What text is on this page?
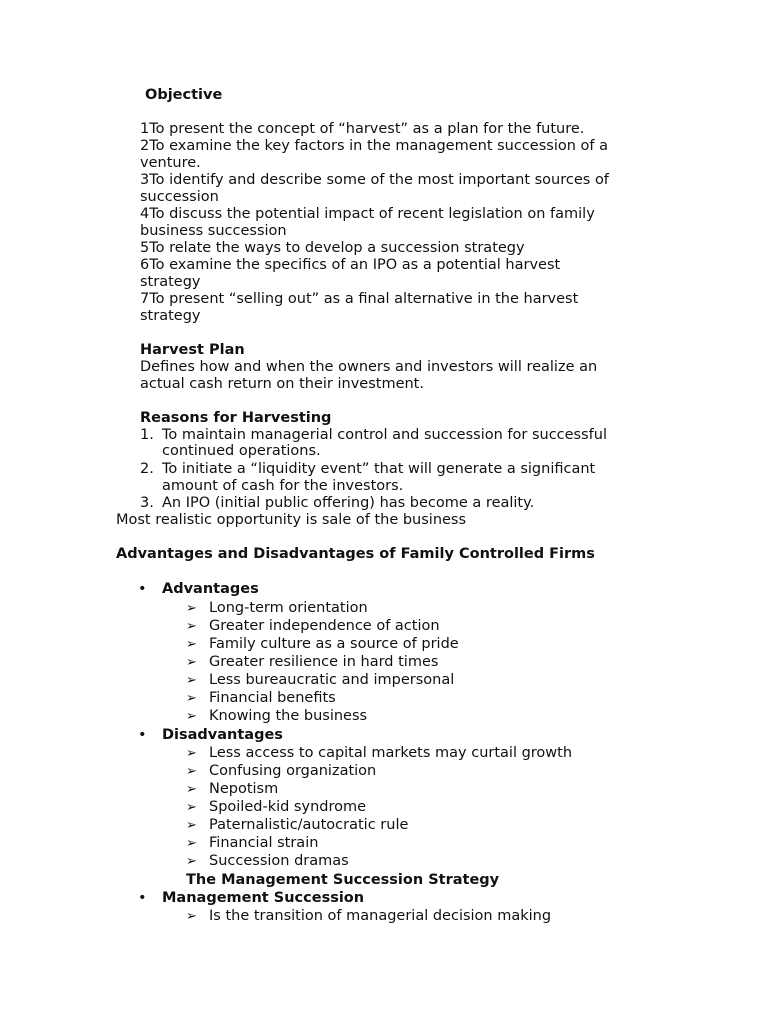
Objective
1To present the concept of “harvest” as a plan for the future.
2To examine the key factors in the management succession of a
venture.
3To identify and describe some of the most important sources of
succession
4To discuss the potential impact of recent legislation on family
business succession
5To relate the ways to develop a succession strategy
6To examine the specifics of an IPO as a potential harvest
strategy
7To present “selling out” as a final alternative in the harvest
strategy
Harvest Plan
Defines how and when the owners and investors will realize an
actual cash return on their investment.
Reasons for Harvesting
1. To maintain managerial control and succession for successful
continued operations.
2. To initiate a “liquidity event” that will generate a significant
amount of cash for the investors.
3. An IPO (initial public offering) has become a reality.
Most realistic opportunity is sale of the business
Advantages and Disadvantages of Family Controlled Firms
• Advantages
➢ Long-term orientation
➢ Greater independence of action
➢ Family culture as a source of pride
➢ Greater resilience in hard times
➢ Less bureaucratic and impersonal
➢ Financial benefits
➢ Knowing the business
• Disadvantages
➢ Less access to capital markets may curtail growth
➢ Confusing organization
➢ Nepotism
➢ Spoiled-kid syndrome
➢ Paternalistic/autocratic rule
➢ Financial strain
➢ Succession dramas
The Management Succession Strategy
• Management Succession
➢ Is the transition of managerial decision making
